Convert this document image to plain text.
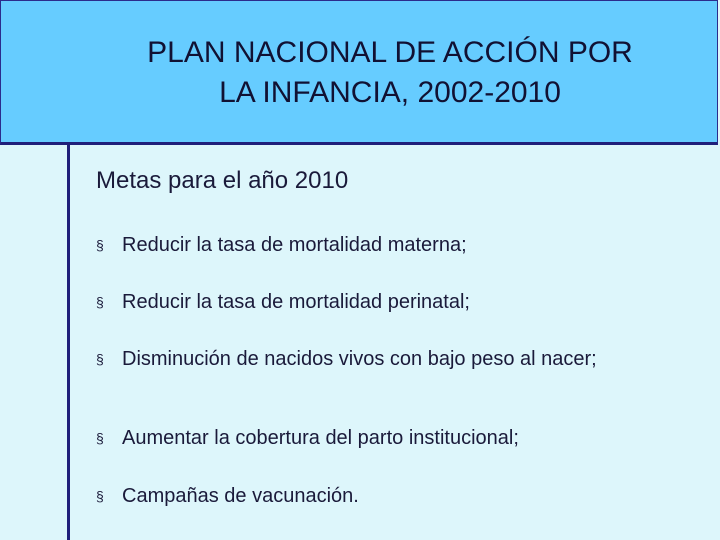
PLAN NACIONAL DE ACCIÓN POR
LA INFANCIA, 2002-2010
Metas para el año 2010
§ Reducir la tasa de mortalidad materna;
§ Reducir la tasa de mortalidad perinatal;
§ Disminución de nacidos vivos con bajo peso al nacer;
§ Aumentar la cobertura del parto institucional;
§ Campañas de vacunación.
